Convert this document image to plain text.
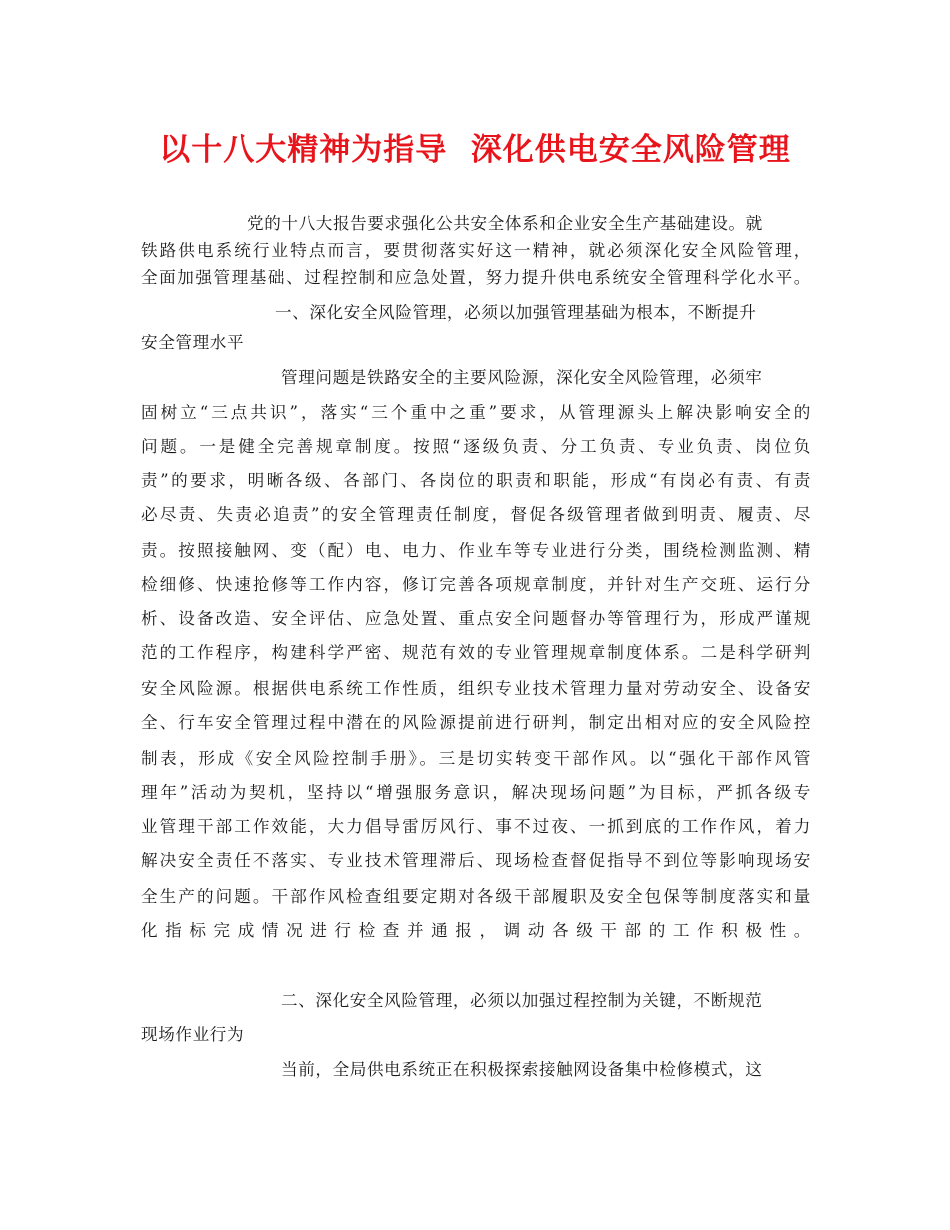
以十八大精神为指导  深化供电安全风险管理
党的十八大报告要求强化公共安全体系和企业安全生产基础建设。就
铁路供电系统行业特点而言，要贯彻落实好这一精神，就必须深化安全风险管理，
全面加强管理基础、过程控制和应急处置，努力提升供电系统安全管理科学化水平。
一、深化安全风险管理，必须以加强管理基础为根本，不断提升
安全管理水平
管理问题是铁路安全的主要风险源，深化安全风险管理，必须牢
固树立“三点共识”，落实“三个重中之重”要求，从管理源头上解决影响安全的
问题。一是健全完善规章制度。按照“逐级负责、分工负责、专业负责、岗位负
责”的要求，明晰各级、各部门、各岗位的职责和职能，形成“有岗必有责、有责
必尽责、失责必追责”的安全管理责任制度，督促各级管理者做到明责、履责、尽
责。按照接触网、变（配）电、电力、作业车等专业进行分类，围绕检测监测、精
检细修、快速抢修等工作内容，修订完善各项规章制度，并针对生产交班、运行分
析、设备改造、安全评估、应急处置、重点安全问题督办等管理行为，形成严谨规
范的工作程序，构建科学严密、规范有效的专业管理规章制度体系。二是科学研判
安全风险源。根据供电系统工作性质，组织专业技术管理力量对劳动安全、设备安
全、行车安全管理过程中潜在的风险源提前进行研判，制定出相对应的安全风险控
制表，形成《安全风险控制手册》。三是切实转变干部作风。以“强化干部作风管
理年”活动为契机，坚持以“增强服务意识，解决现场问题”为目标，严抓各级专
业管理干部工作效能，大力倡导雷厉风行、事不过夜、一抓到底的工作作风，着力
解决安全责任不落实、专业技术管理滞后、现场检查督促指导不到位等影响现场安
全生产的问题。干部作风检查组要定期对各级干部履职及安全包保等制度落实和量
化指标完成情况进行检查并通报，调动各级干部的工作积极性。
二、深化安全风险管理，必须以加强过程控制为关键，不断规范
现场作业行为
当前，全局供电系统正在积极探索接触网设备集中检修模式，这
